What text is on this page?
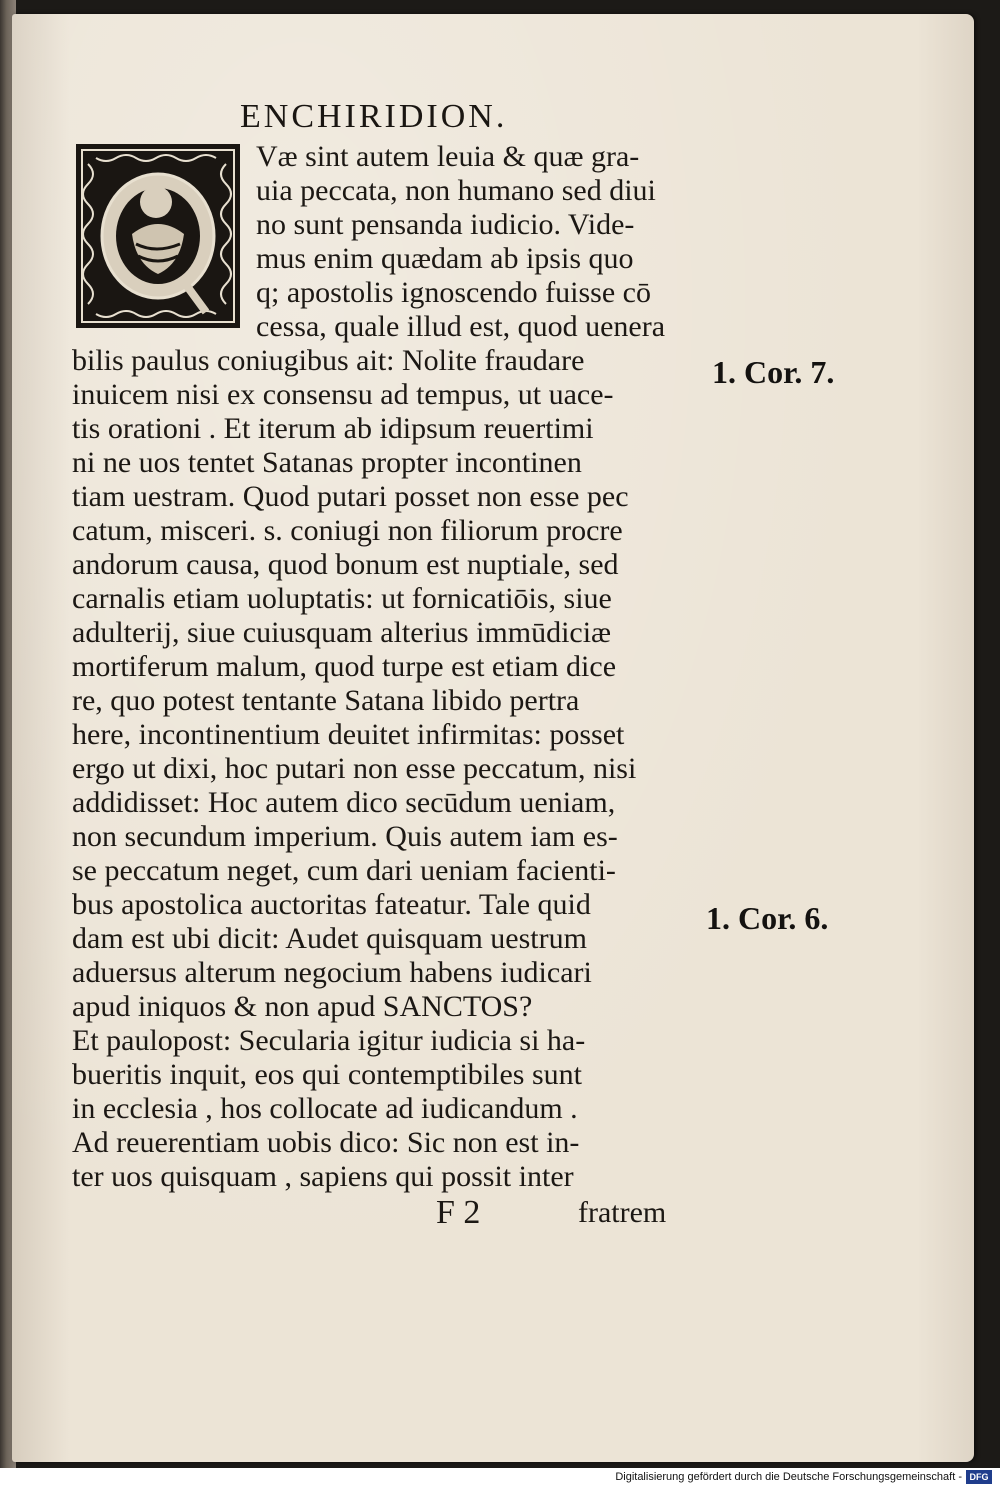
ENCHIRIDION.
Væ sint autem leuia & quæ gra-
uia peccata, non humano sed diui
no sunt pensanda iudicio. Vide-
mus enim quædam ab ipsis quo
q; apostolis ignoscendo fuisse cō
cessa, quale illud est, quod uenera
bilis paulus coniugibus ait: Nolite fraudare
inuicem nisi ex consensu ad tempus, ut uace-
tis orationi . Et iterum ab idipsum reuertimi
ni ne uos tentet Satanas propter incontinen
tiam uestram. Quod putari posset non esse pec
catum, misceri. s. coniugi non filiorum procre
andorum causa, quod bonum est nuptiale, sed
carnalis etiam uoluptatis: ut fornicatiōis, siue
adulterij, siue cuiusquam alterius immūdiciæ
mortiferum malum, quod turpe est etiam dice
re, quo potest tentante Satana libido pertra
here, incontinentium deuitet infirmitas: posset
ergo ut dixi, hoc putari non esse peccatum, nisi
addidisset: Hoc autem dico secūdum ueniam,
non secundum imperium. Quis autem iam es-
se peccatum neget, cum dari ueniam facienti-
bus apostolica auctoritas fateatur. Tale quid
dam est ubi dicit: Audet quisquam uestrum
aduersus alterum negocium habens iudicari
apud iniquos & non apud SANCTOS?
Et paulopost: Secularia igitur iudicia si ha-
bueritis inquit, eos qui contemptibiles sunt
in ecclesia , hos collocate ad iudicandum .
Ad reuerentiam uobis dico: Sic non est in-
ter uos quisquam , sapiens qui possit inter
1. Cor. 7.
1. Cor. 6.
F 2	fratrem
Digitalisierung gefördert durch die Deutsche Forschungsgemeinschaft - DFG
